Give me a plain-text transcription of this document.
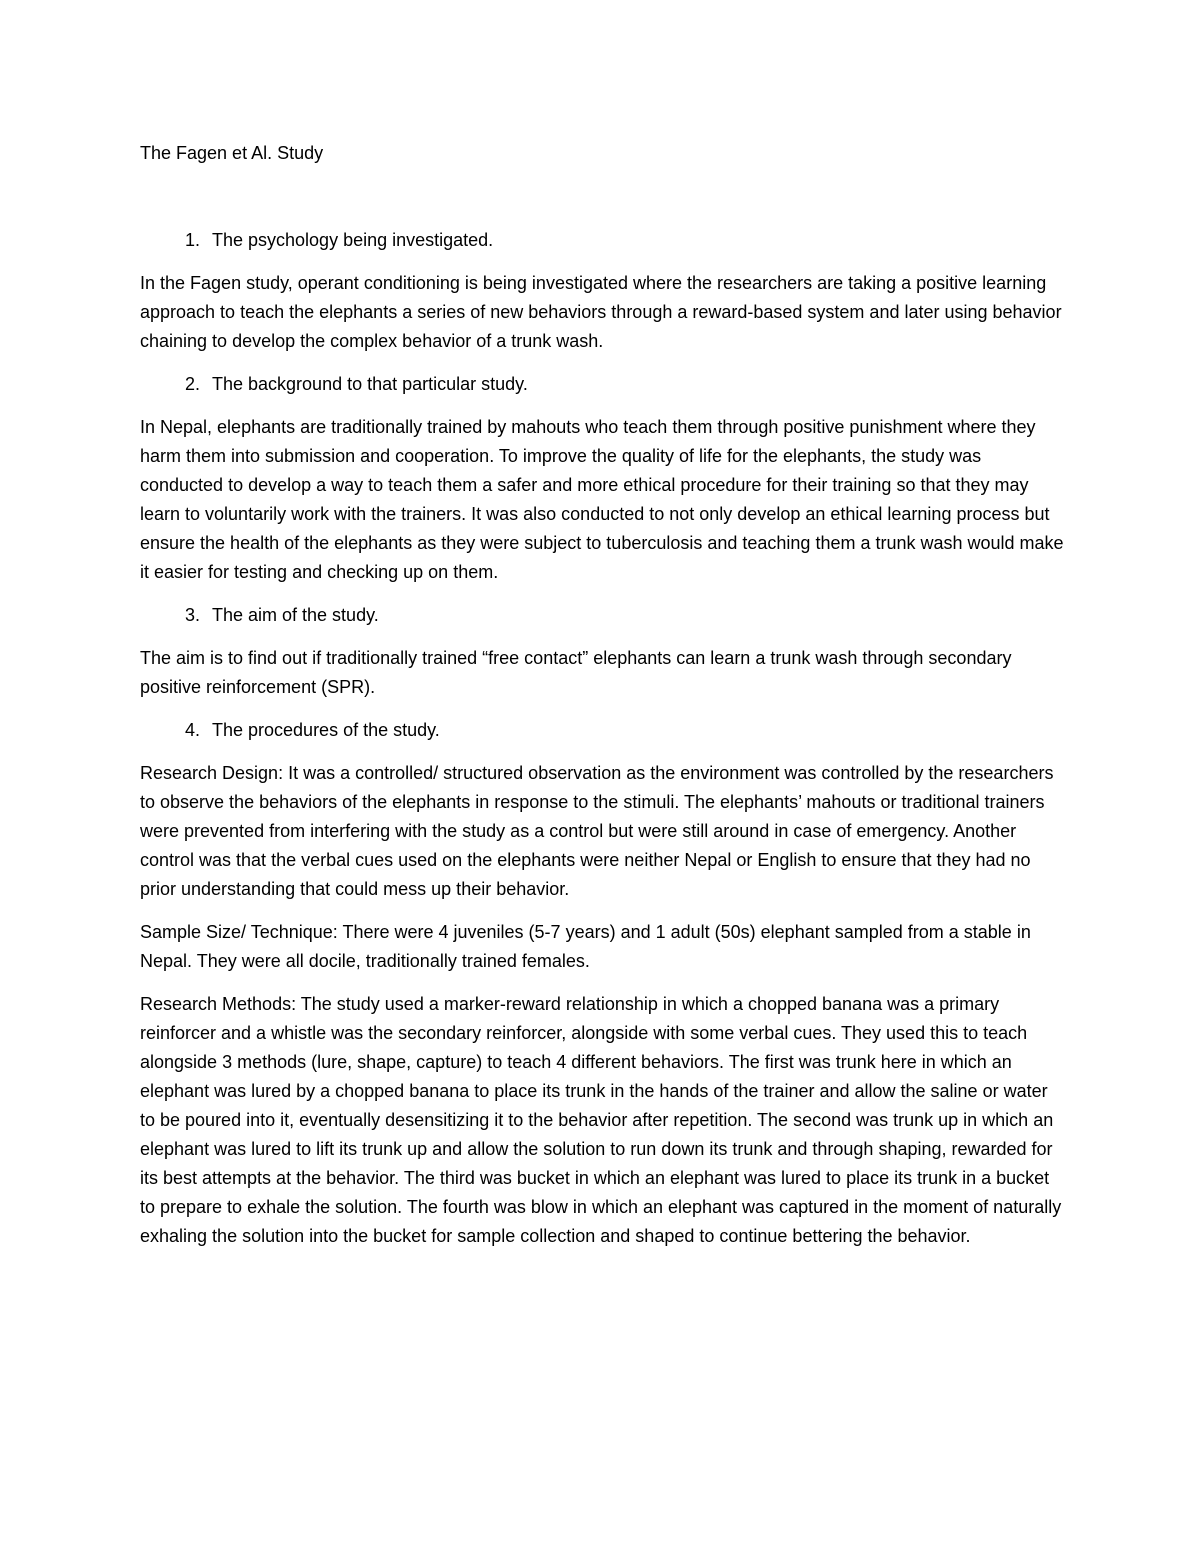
The Fagen et Al. Study

1. The psychology being investigated.

In the Fagen study, operant conditioning is being investigated where the researchers are taking a positive learning approach to teach the elephants a series of new behaviors through a reward-based system and later using behavior chaining to develop the complex behavior of a trunk wash.

2. The background to that particular study.

In Nepal, elephants are traditionally trained by mahouts who teach them through positive punishment where they harm them into submission and cooperation. To improve the quality of life for the elephants, the study was conducted to develop a way to teach them a safer and more ethical procedure for their training so that they may learn to voluntarily work with the trainers. It was also conducted to not only develop an ethical learning process but ensure the health of the elephants as they were subject to tuberculosis and teaching them a trunk wash would make it easier for testing and checking up on them.

3. The aim of the study.

The aim is to find out if traditionally trained “free contact” elephants can learn a trunk wash through secondary positive reinforcement (SPR).

4. The procedures of the study.

Research Design: It was a controlled/ structured observation as the environment was controlled by the researchers to observe the behaviors of the elephants in response to the stimuli. The elephants’ mahouts or traditional trainers were prevented from interfering with the study as a control but were still around in case of emergency. Another control was that the verbal cues used on the elephants were neither Nepal or English to ensure that they had no prior understanding that could mess up their behavior.

Sample Size/ Technique: There were 4 juveniles (5-7 years) and 1 adult (50s) elephant sampled from a stable in Nepal. They were all docile, traditionally trained females.

Research Methods: The study used a marker-reward relationship in which a chopped banana was a primary reinforcer and a whistle was the secondary reinforcer, alongside with some verbal cues. They used this to teach alongside 3 methods (lure, shape, capture) to teach 4 different behaviors. The first was trunk here in which an elephant was lured by a chopped banana to place its trunk in the hands of the trainer and allow the saline or water to be poured into it, eventually desensitizing it to the behavior after repetition. The second was trunk up in which an elephant was lured to lift its trunk up and allow the solution to run down its trunk and through shaping, rewarded for its best attempts at the behavior. The third was bucket in which an elephant was lured to place its trunk in a bucket to prepare to exhale the solution. The fourth was blow in which an elephant was captured in the moment of naturally exhaling the solution into the bucket for sample collection and shaped to continue bettering the behavior.
